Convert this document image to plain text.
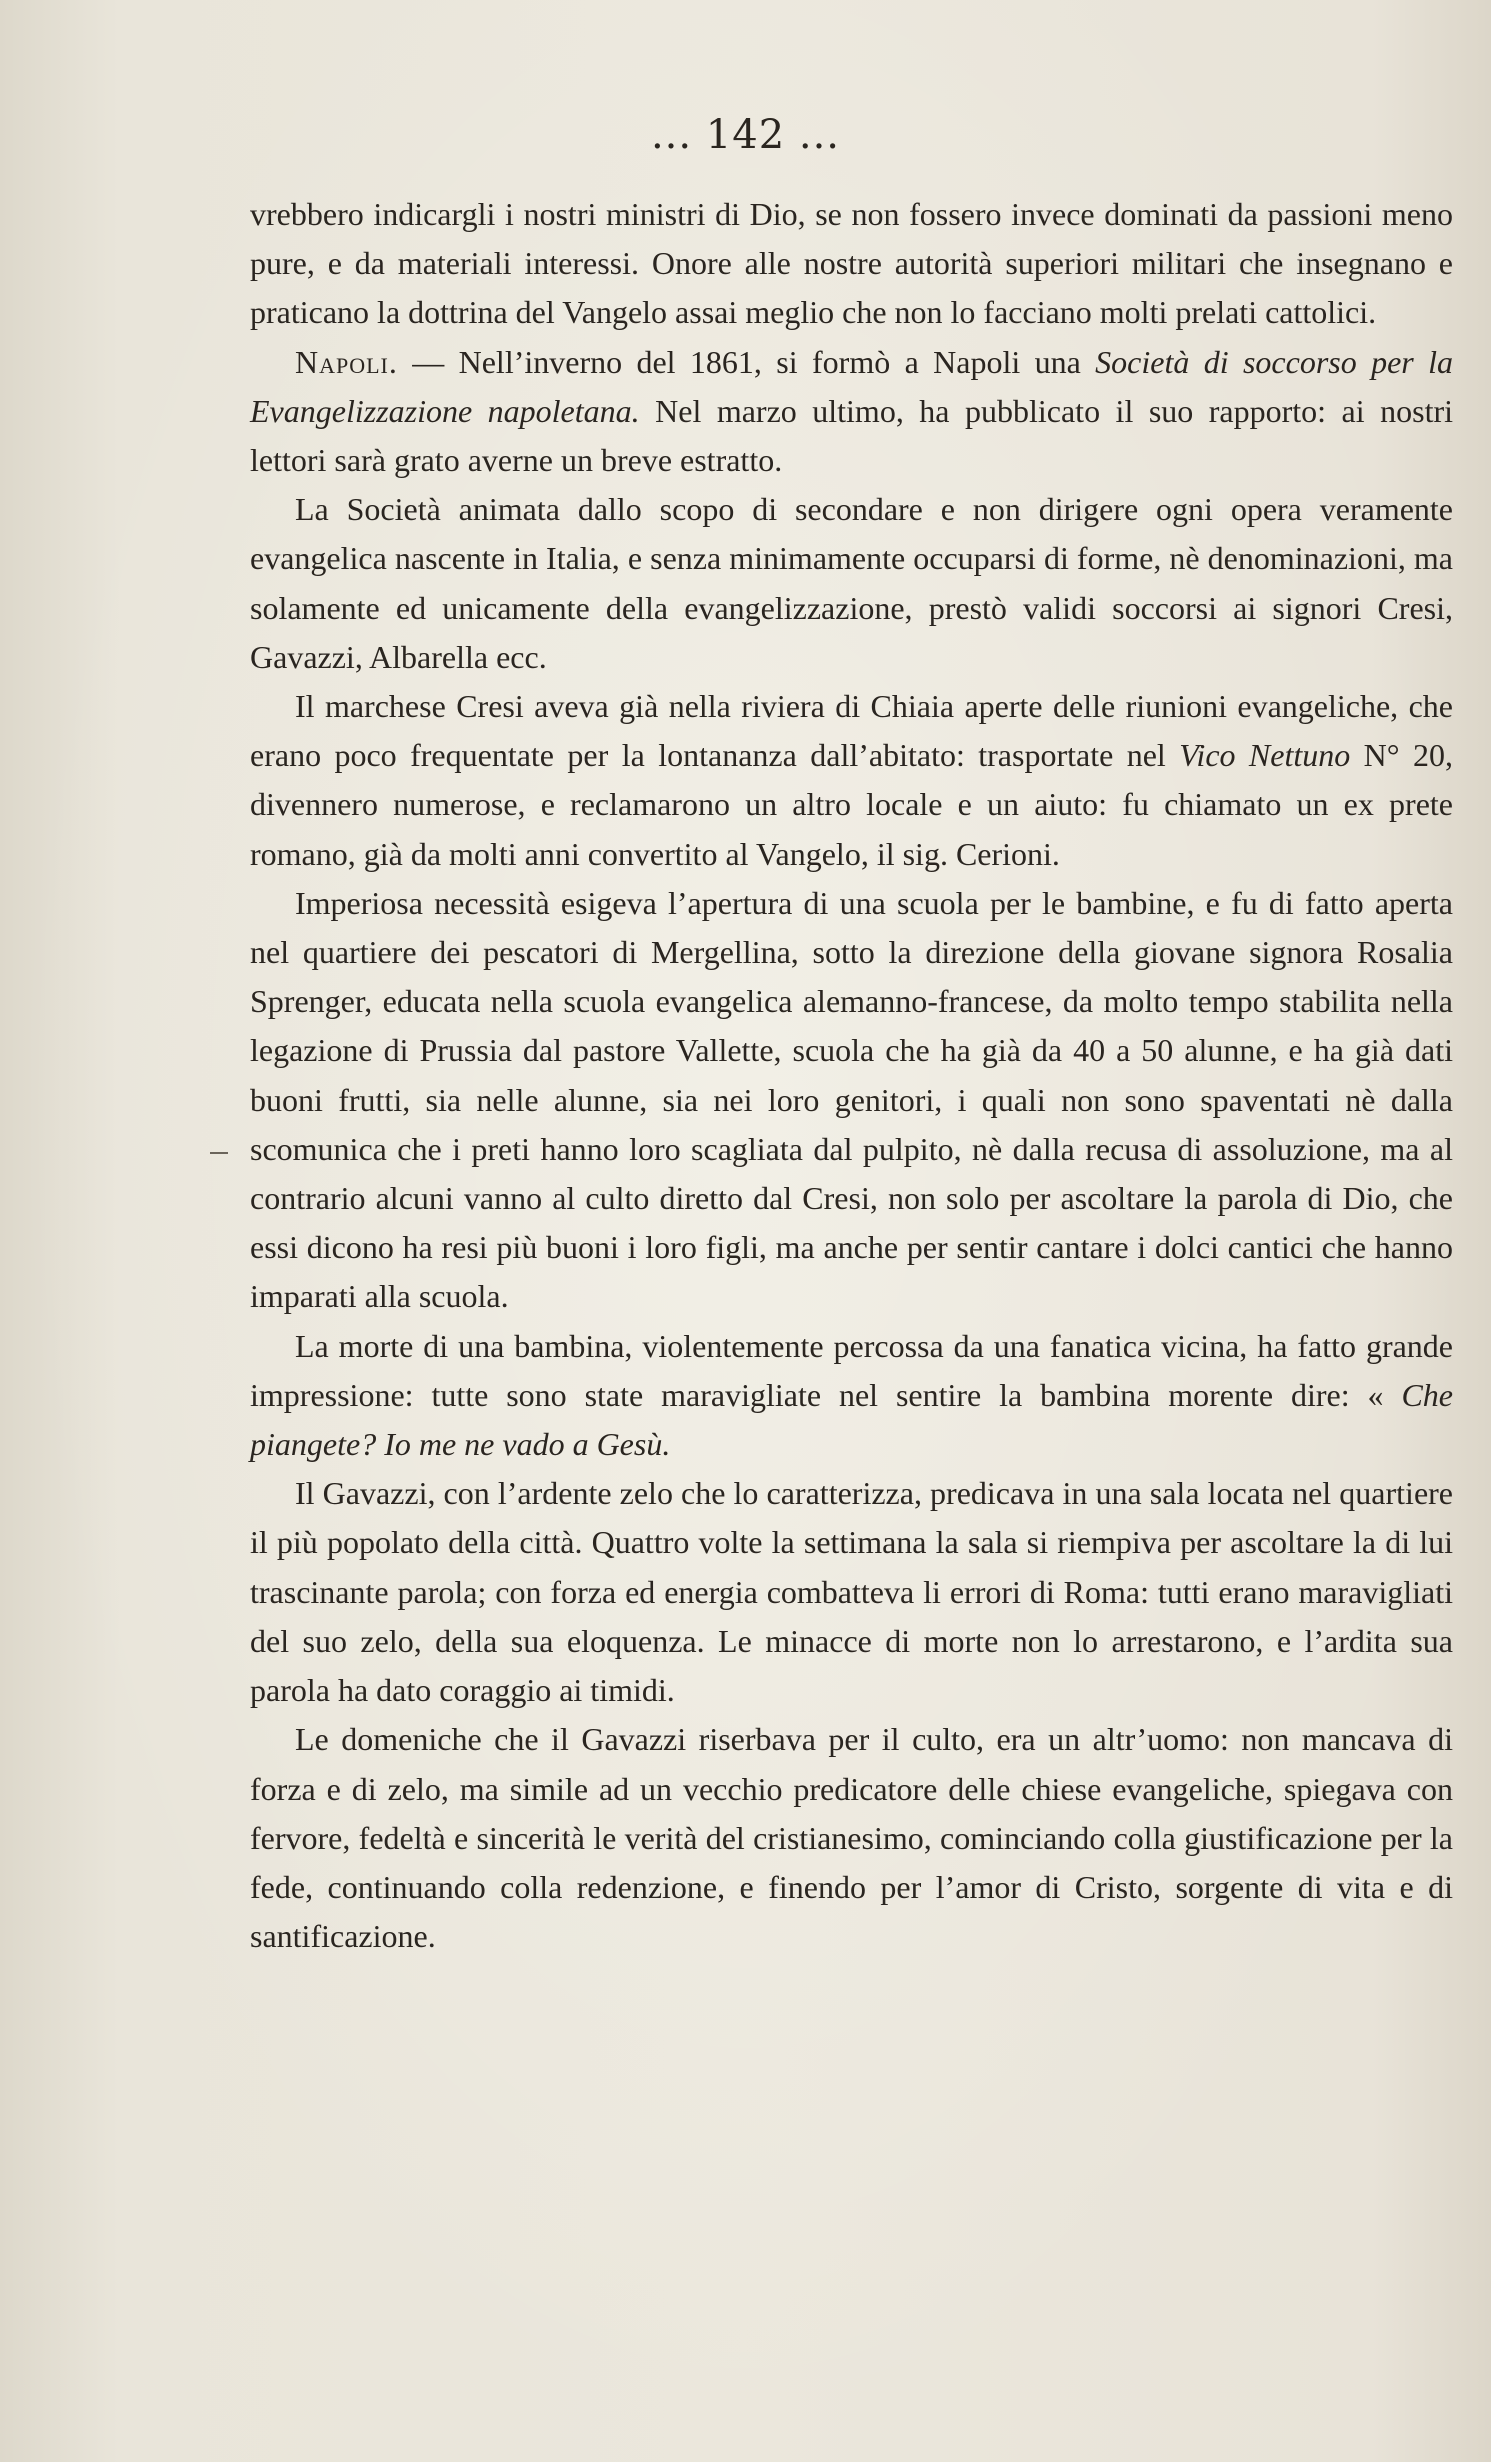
... 142 ...

vrebbero indicargli i nostri ministri di Dio, se non fossero invece dominati da passioni meno pure, e da materiali interessi. Onore alle nostre autorità superiori militari che insegnano e praticano la dottrina del Vangelo assai meglio che non lo facciano molti prelati cattolici.

Napoli. — Nell’inverno del 1861, si formò a Napoli una Società di soccorso per la Evangelizzazione napoletana. Nel marzo ultimo, ha pubblicato il suo rapporto: ai nostri lettori sarà grato averne un breve estratto.

La Società animata dallo scopo di secondare e non dirigere ogni opera veramente evangelica nascente in Italia, e senza minimamente occuparsi di forme, nè denominazioni, ma solamente ed unicamente della evangelizzazione, prestò validi soccorsi ai signori Cresi, Gavazzi, Albarella ecc.

Il marchese Cresi aveva già nella riviera di Chiaia aperte delle riunioni evangeliche, che erano poco frequentate per la lontananza dall’abitato: trasportate nel Vico Nettuno N° 20, divennero numerose, e reclamarono un altro locale e un aiuto: fu chiamato un ex prete romano, già da molti anni convertito al Vangelo, il sig. Cerioni.

Imperiosa necessità esigeva l’apertura di una scuola per le bambine, e fu di fatto aperta nel quartiere dei pescatori di Mergellina, sotto la direzione della giovane signora Rosalia Sprenger, educata nella scuola evangelica alemanno-francese, da molto tempo stabilita nella legazione di Prussia dal pastore Vallette, scuola che ha già da 40 a 50 alunne, e ha già dati buoni frutti, sia nelle alunne, sia nei loro genitori, i quali non sono spaventati nè dalla scomunica che i preti hanno loro scagliata dal pulpito, nè dalla recusa di assoluzione, ma al contrario alcuni vanno al culto diretto dal Cresi, non solo per ascoltare la parola di Dio, che essi dicono ha resi più buoni i loro figli, ma anche per sentir cantare i dolci cantici che hanno imparati alla scuola.

La morte di una bambina, violentemente percossa da una fanatica vicina, ha fatto grande impressione: tutte sono state maravigliate nel sentire la bambina morente dire: « Che piangete? Io me ne vado a Gesù.

Il Gavazzi, con l’ardente zelo che lo caratterizza, predicava in una sala locata nel quartiere il più popolato della città. Quattro volte la settimana la sala si riempiva per ascoltare la di lui trascinante parola; con forza ed energia combatteva li errori di Roma: tutti erano maravigliati del suo zelo, della sua eloquenza. Le minacce di morte non lo arrestarono, e l’ardita sua parola ha dato coraggio ai timidi.

Le domeniche che il Gavazzi riserbava per il culto, era un altr’uomo: non mancava di forza e di zelo, ma simile ad un vecchio predicatore delle chiese evangeliche, spiegava con fervore, fedeltà e sincerità le verità del cristianesimo, cominciando colla giustificazione per la fede, continuando colla redenzione, e finendo per l’amor di Cristo, sorgente di vita e di santificazione.
